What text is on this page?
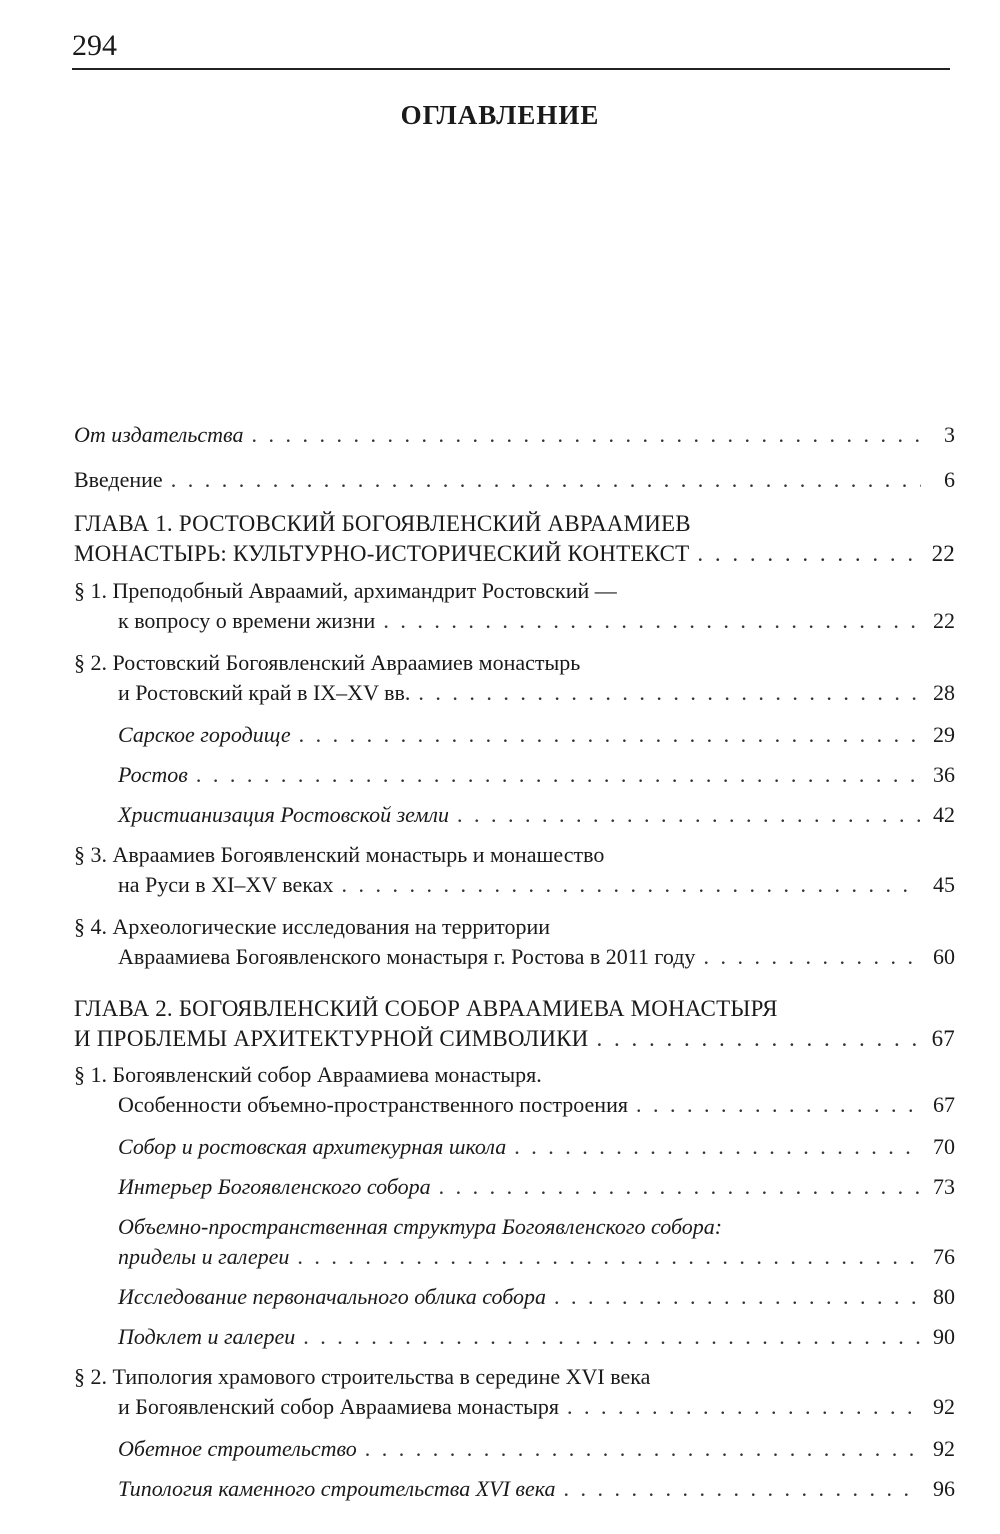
294
ОГЛАВЛЕНИЕ
От издательства . . .	3
Введение . . .	6
ГЛАВА 1. РОСТОВСКИЙ БОГОЯВЛЕНСКИЙ АВРААМИЕВ
МОНАСТЫРЬ: КУЛЬТУРНО-ИСТОРИЧЕСКИЙ КОНТЕКСТ . . .	22
§ 1. Преподобный Авраамий, архимандрит Ростовский —
к вопросу о времени жизни . . .	22
§ 2. Ростовский Богоявленский Авраамиев монастырь
и Ростовский край в IX–XV вв. . . .	28
Сарское городище . . .	29
Ростов . . .	36
Христианизация Ростовской земли . . .	42
§ 3. Авраамиев Богоявленский монастырь и монашество
на Руси в XI–XV веках . . .	45
§ 4. Археологические исследования на территории
Авраамиева Богоявленского монастыря г. Ростова в 2011 году . . .	60
ГЛАВА 2. БОГОЯВЛЕНСКИЙ СОБОР АВРААМИЕВА МОНАСТЫРЯ
И ПРОБЛЕМЫ АРХИТЕКТУРНОЙ СИМВОЛИКИ . . .	67
§ 1. Богоявленский собор Авраамиева монастыря.
Особенности объемно-пространственного построения . . .	67
Собор и ростовская архитекурная школа . . .	70
Интерьер Богоявленского собора . . .	73
Объемно-пространственная структура Богоявленского собора:
приделы и галереи . . .	76
Исследование первоначального облика собора . . .	80
Подклет и галереи . . .	90
§ 2. Типология храмового строительства в середине XVI века
и Богоявленский собор Авраамиева монастыря . . .	92
Обетное строительство . . .	92
Типология каменного строительства XVI века . . .	96
